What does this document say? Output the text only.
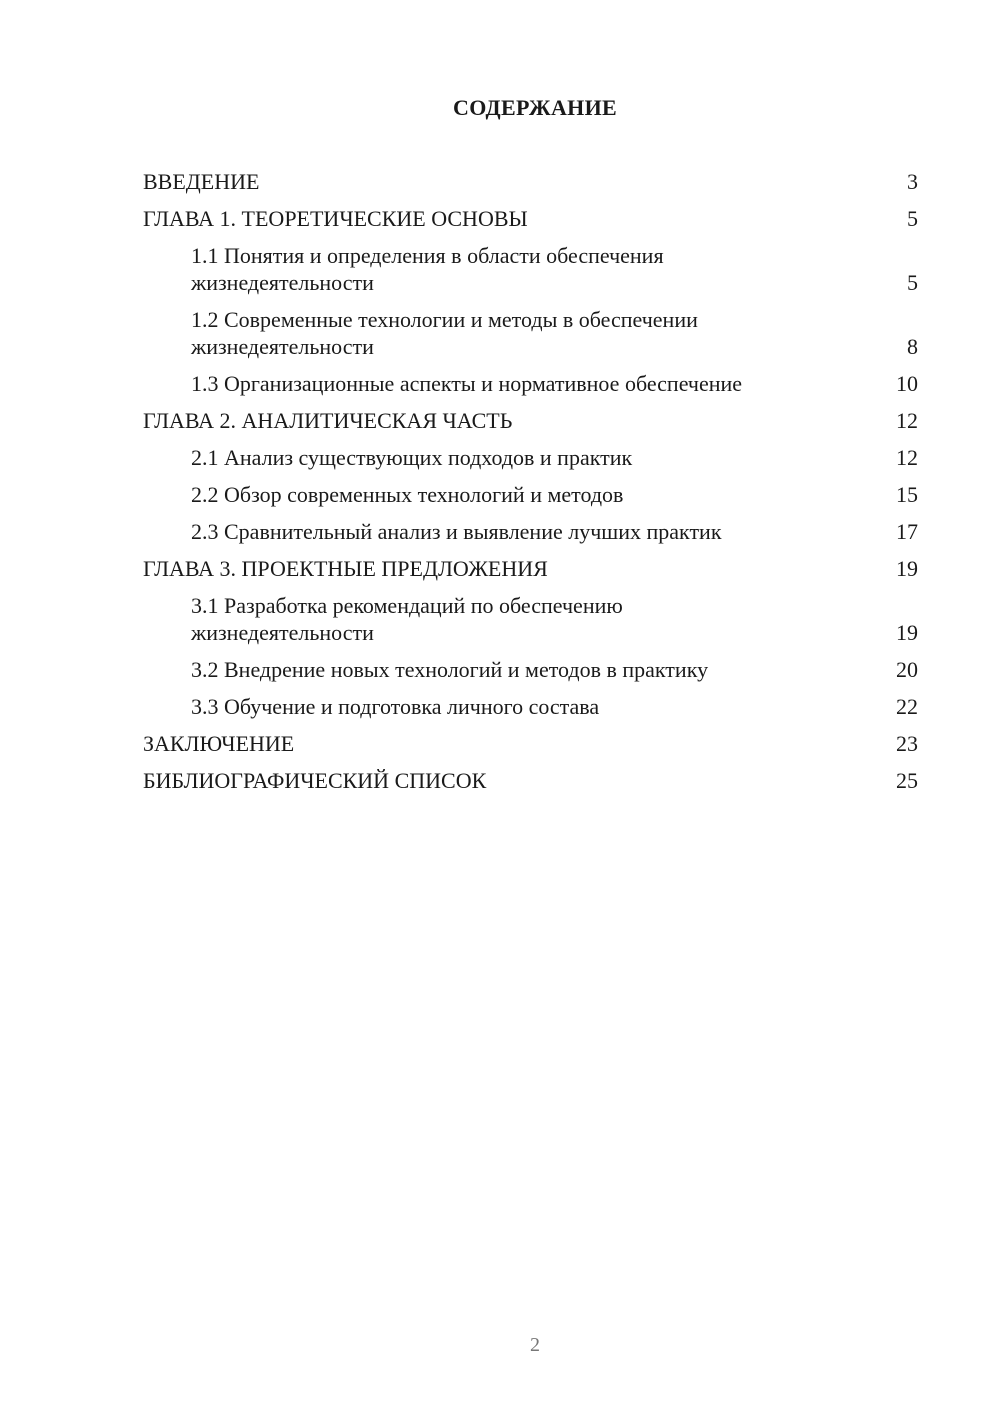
СОДЕРЖАНИЕ
ВВЕДЕНИЕ	3
ГЛАВА 1. ТЕОРЕТИЧЕСКИЕ ОСНОВЫ	5
1.1 Понятия и определения в области обеспечения жизнедеятельности	5
1.2 Современные технологии и методы в обеспечении жизнедеятельности	8
1.3 Организационные аспекты и нормативное обеспечение	10
ГЛАВА 2. АНАЛИТИЧЕСКАЯ ЧАСТЬ	12
2.1 Анализ существующих подходов и практик	12
2.2 Обзор современных технологий и методов	15
2.3 Сравнительный анализ и выявление лучших практик	17
ГЛАВА 3. ПРОЕКТНЫЕ ПРЕДЛОЖЕНИЯ	19
3.1 Разработка рекомендаций по обеспечению жизнедеятельности	19
3.2 Внедрение новых технологий и методов в практику	20
3.3 Обучение и подготовка личного состава	22
ЗАКЛЮЧЕНИЕ	23
БИБЛИОГРАФИЧЕСКИЙ СПИСОК	25
2
